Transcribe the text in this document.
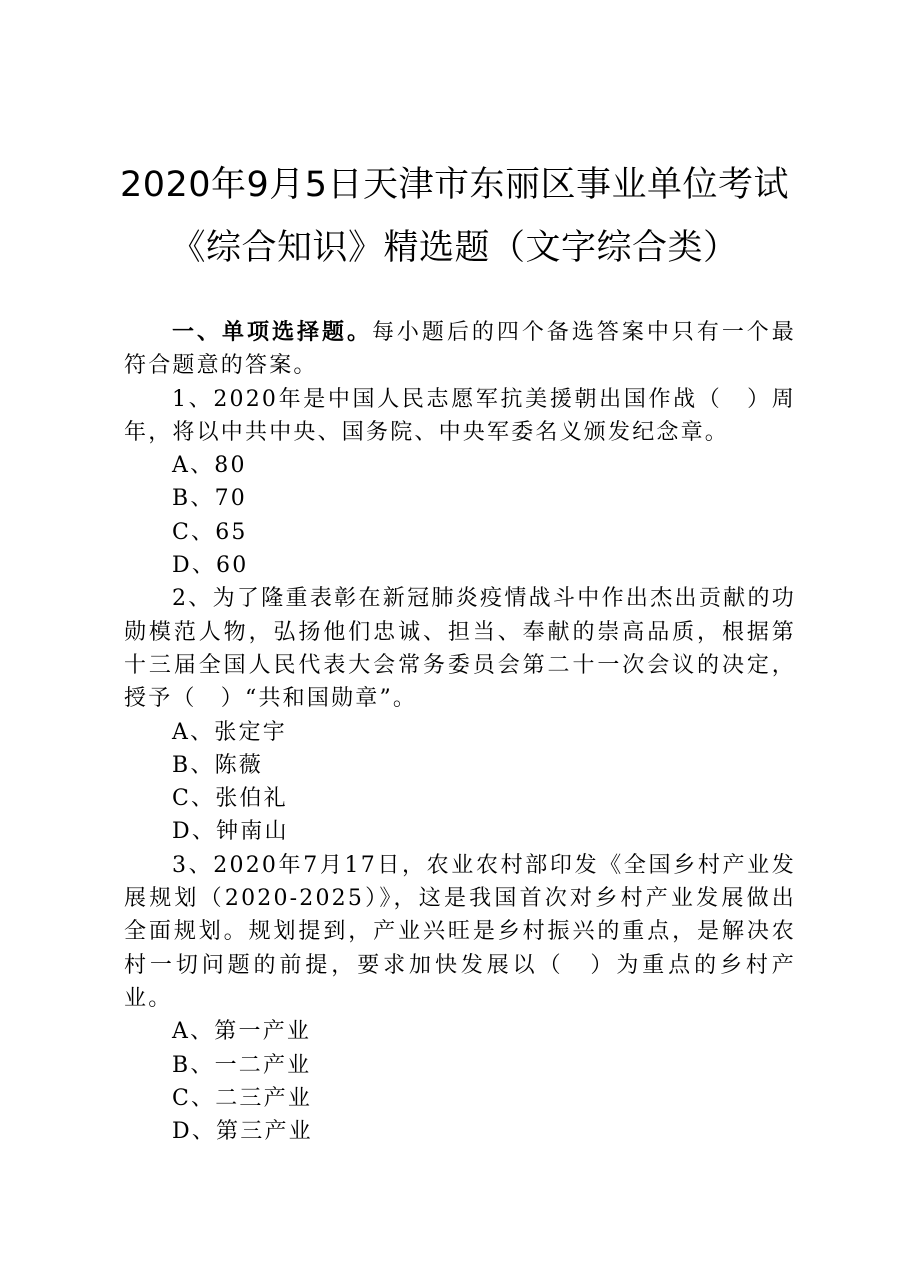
2020年9月5日天津市东丽区事业单位考试
《综合知识》精选题（文字综合类）

一、单项选择题。每小题后的四个备选答案中只有一个最符合题意的答案。

1、2020年是中国人民志愿军抗美援朝出国作战（　）周年，将以中共中央、国务院、中央军委名义颁发纪念章。

A、80

B、70

C、65

D、60

2、为了隆重表彰在新冠肺炎疫情战斗中作出杰出贡献的功勋模范人物，弘扬他们忠诚、担当、奉献的崇高品质，根据第十三届全国人民代表大会常务委员会第二十一次会议的决定，授予（　）“共和国勋章”。

A、张定宇

B、陈薇

C、张伯礼

D、钟南山

3、2020年7月17日，农业农村部印发《全国乡村产业发展规划（2020-2025）》，这是我国首次对乡村产业发展做出全面规划。规划提到，产业兴旺是乡村振兴的重点，是解决农村一切问题的前提，要求加快发展以（　）为重点的乡村产业。

A、第一产业

B、一二产业

C、二三产业

D、第三产业
